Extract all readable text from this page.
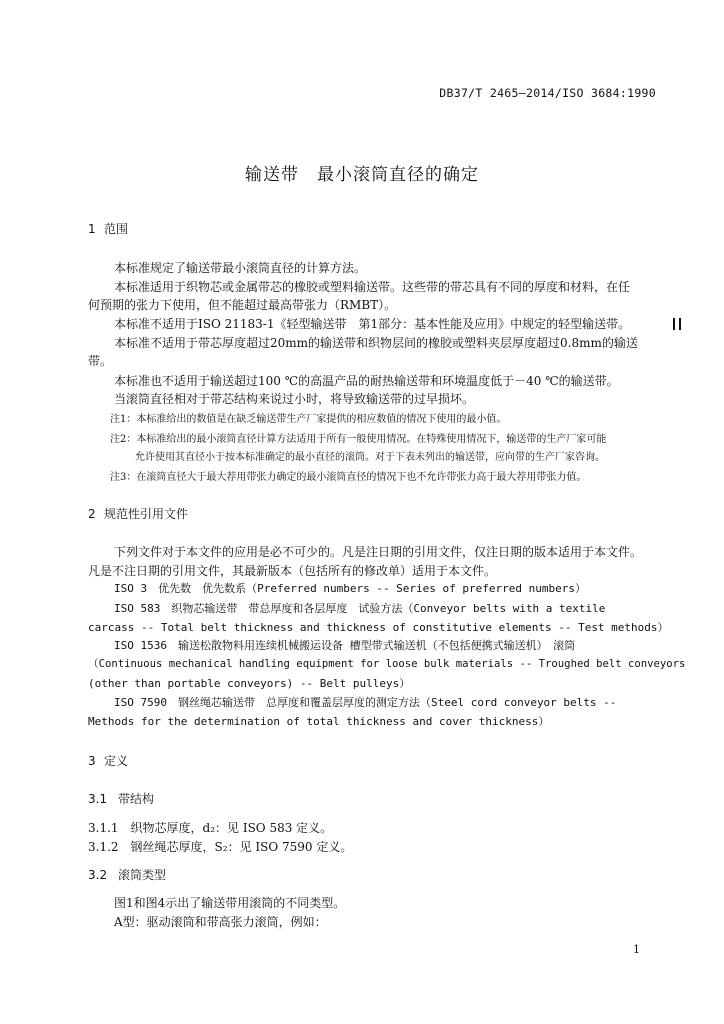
DB37/T 2465—2014/ISO 3684:1990
输送带　最小滚筒直径的确定
1 范围
本标准规定了输送带最小滚筒直径的计算方法。
本标准适用于织物芯或金属带芯的橡胶或塑料输送带。这些带的带芯具有不同的厚度和材料，在任
何预期的张力下使用，但不能超过最高带张力（RMBT）。
本标准不适用于ISO 21183-1《轻型输送带　第1部分：基本性能及应用》中规定的轻型输送带。
本标准不适用于带芯厚度超过20mm的输送带和织物层间的橡胶或塑料夹层厚度超过0.8mm的输送
带。
本标准也不适用于输送超过100 ℃的高温产品的耐热输送带和环境温度低于－40 ℃的输送带。
当滚筒直径相对于带芯结构来说过小时，将导致输送带的过早损坏。
注1：本标准给出的数值是在缺乏输送带生产厂家提供的相应数值的情况下使用的最小值。
注2：本标准给出的最小滚筒直径计算方法适用于所有一般使用情况。在特殊使用情况下，输送带的生产厂家可能
允许使用其直径小于按本标准确定的最小直径的滚筒。对于下表未列出的输送带，应向带的生产厂家咨询。
注3：在滚筒直径大于最大荐用带张力确定的最小滚筒直径的情况下也不允许带张力高于最大荐用带张力值。
2 规范性引用文件
下列文件对于本文件的应用是必不可少的。凡是注日期的引用文件，仅注日期的版本适用于本文件。
凡是不注日期的引用文件，其最新版本（包括所有的修改单）适用于本文件。
ISO 3　优先数　优先数系（Preferred numbers -- Series of preferred numbers）
ISO 583　织物芯输送带　带总厚度和各层厚度　试验方法（Conveyor belts with a textile
carcass -- Total belt thickness and thickness of constitutive elements -- Test methods）
ISO 1536　输送松散物料用连续机械搬运设备 槽型带式输送机（不包括便携式输送机）　滚筒
（Continuous mechanical handling equipment for loose bulk materials -- Troughed belt conveyors
(other than portable conveyors) -- Belt pulleys）
ISO 7590　钢丝绳芯输送带　总厚度和覆盖层厚度的测定方法（Steel cord conveyor belts --
Methods for the determination of total thickness and cover thickness）
3 定义
3.1 带结构
3.1.1　织物芯厚度，d₂：见 ISO 583 定义。
3.1.2　钢丝绳芯厚度，S₂：见 ISO 7590 定义。
3.2 滚筒类型
图1和图4示出了输送带用滚筒的不同类型。
A型：驱动滚筒和带高张力滚筒，例如：
1
